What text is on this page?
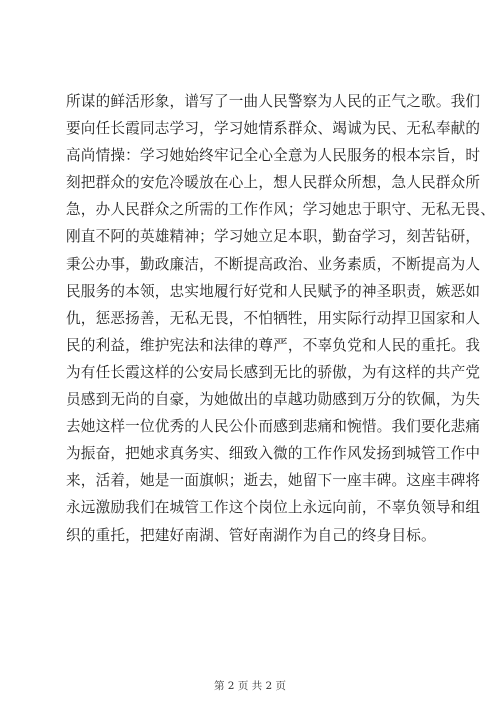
所谋的鲜活形象，谱写了一曲人民警察为人民的正气之歌。我们
要向任长霞同志学习，学习她情系群众、竭诚为民、无私奉献的
高尚情操：学习她始终牢记全心全意为人民服务的根本宗旨，时
刻把群众的安危冷暖放在心上，想人民群众所想，急人民群众所
急，办人民群众之所需的工作作风；学习她忠于职守、无私无畏、
刚直不阿的英雄精神；学习她立足本职，勤奋学习，刻苦钻研，
秉公办事，勤政廉洁，不断提高政治、业务素质，不断提高为人
民服务的本领，忠实地履行好党和人民赋予的神圣职责，嫉恶如
仇，惩恶扬善，无私无畏，不怕牺牲，用实际行动捍卫国家和人
民的利益，维护宪法和法律的尊严，不辜负党和人民的重托。我
为有任长霞这样的公安局长感到无比的骄傲，为有这样的共产党
员感到无尚的自豪，为她做出的卓越功勋感到万分的钦佩，为失
去她这样一位优秀的人民公仆而感到悲痛和惋惜。我们要化悲痛
为振奋，把她求真务实、细致入微的工作作风发扬到城管工作中
来，活着，她是一面旗帜；逝去，她留下一座丰碑。这座丰碑将
永远激励我们在城管工作这个岗位上永远向前，不辜负领导和组
织的重托，把建好南湖、管好南湖作为自己的终身目标。
第 2 页 共 2 页
